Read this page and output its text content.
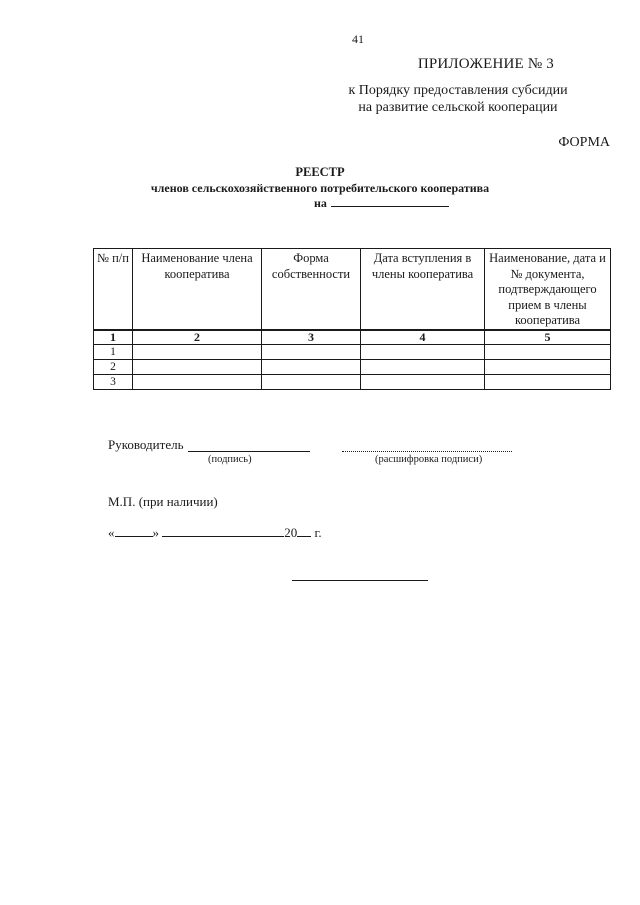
41
ПРИЛОЖЕНИЕ № 3
к Порядку предоставления субсидии
на развитие сельской кооперации
ФОРМА
РЕЕСТР
членов сельскохозяйственного потребительского кооператива
на
№ п/п	Наименование члена кооператива	Форма собственности	Дата вступления в члены кооператива	Наименование, дата и № документа, подтверждающего прием в члены кооператива
1	2	3	4	5
1				
2				
3				
Руководитель
(подпись)	(расшифровка подписи)
М.П. (при наличии)
«	»	20 г.
